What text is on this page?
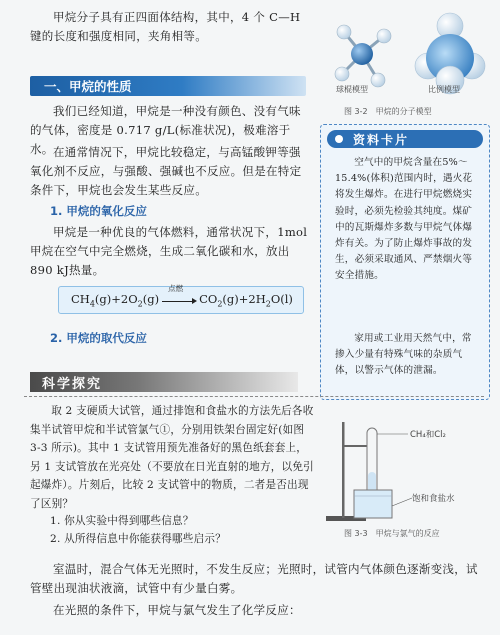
甲烷分子具有正四面体结构，其中，4 个 C—H 键的长度和强度相同，夹角相等。

一、甲烷的性质

我们已经知道，甲烷是一种没有颜色、没有气味的气体，密度是 0.717 g/L(标准状况)，极难溶于水。 在通常情况下，甲烷比较稳定，与高锰酸钾等强氧化剂不反应，与强酸、强碱也不反应。但是在特定条件下，甲烷也会发生某些反应。

1. 甲烷的氧化反应

甲烷是一种优良的气体燃料，通常状况下，1mol甲烷在空气中完全燃烧，生成二氧化碳和水，放出890 kJ热量。

$CH_4(g)+2O_2(g)$
点燃
$CO_2(g)+2H_2O(l)$
2. 甲烷的取代反应
球棍模型	比例模型
图 3-2　甲烷的分子模型
资料卡片

空气中的甲烷含量在5%～15.4%(体积)范围内时，遇火花将发生爆炸。在进行甲烷燃烧实验时，必须先检验其纯度。煤矿中的瓦斯爆炸多数与甲烷气体爆炸有关。为了防止爆炸事故的发生，必须采取通风、严禁烟火等安全措施。

家用或工业用天然气中，常掺入少量有特殊气味的杂质气体，以警示气体的泄漏。

科学探究

取 2 支硬质大试管，通过排饱和食盐水的方法先后各收集半试管甲烷和半试管氯气①，分别用铁架台固定好(如图 3-3 所示)。其中 1 支试管用预先准备好的黑色纸套套上，另 1 支试管放在光亮处（不要放在日光直射的地方，以免引起爆炸）。片刻后，比较 2 支试管中的物质，二者是否出现了区别？

1. 你从实验中得到哪些信息？

2. 从所得信息中你能获得哪些启示？

CH₄和Cl₂
饱和食盐水
图 3-3　甲烷与氯气的反应

室温时，混合气体无光照时，不发生反应；光照时，试管内气体颜色逐渐变浅，试管壁出现油状液滴，试管中有少量白雾。

在光照的条件下，甲烷与氯气发生了化学反应：
